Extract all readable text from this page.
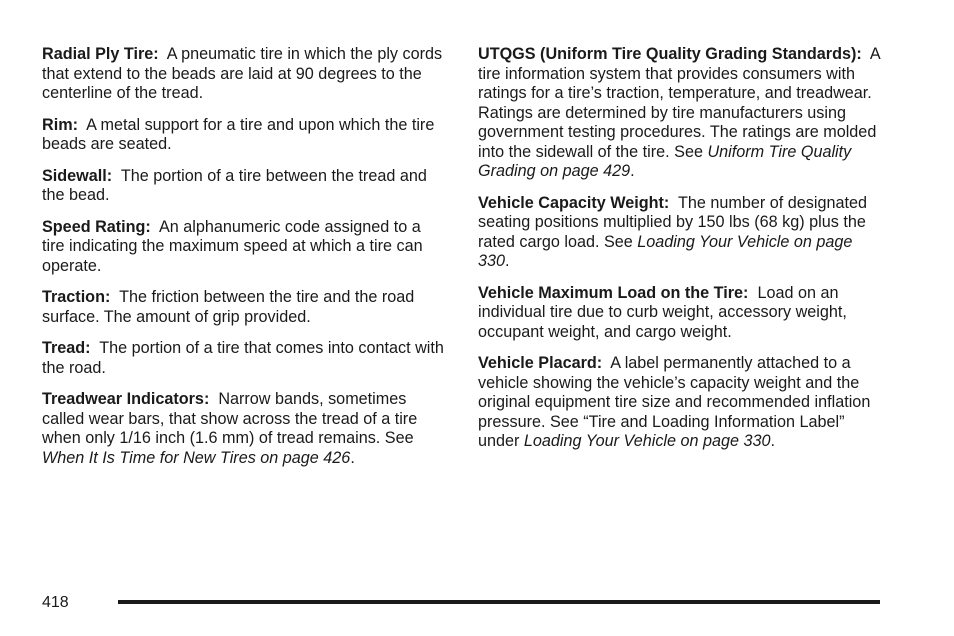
Radial Ply Tire: A pneumatic tire in which the ply cords that extend to the beads are laid at 90 degrees to the centerline of the tread.

Rim: A metal support for a tire and upon which the tire beads are seated.

Sidewall: The portion of a tire between the tread and the bead.

Speed Rating: An alphanumeric code assigned to a tire indicating the maximum speed at which a tire can operate.

Traction: The friction between the tire and the road surface. The amount of grip provided.

Tread: The portion of a tire that comes into contact with the road.

Treadwear Indicators: Narrow bands, sometimes called wear bars, that show across the tread of a tire when only 1/16 inch (1.6 mm) of tread remains. See When It Is Time for New Tires on page 426.

UTQGS (Uniform Tire Quality Grading Standards): A tire information system that provides consumers with ratings for a tire’s traction, temperature, and treadwear. Ratings are determined by tire manufacturers using government testing procedures. The ratings are molded into the sidewall of the tire. See Uniform Tire Quality Grading on page 429.

Vehicle Capacity Weight: The number of designated seating positions multiplied by 150 lbs (68 kg) plus the rated cargo load. See Loading Your Vehicle on page 330.

Vehicle Maximum Load on the Tire: Load on an individual tire due to curb weight, accessory weight, occupant weight, and cargo weight.

Vehicle Placard: A label permanently attached to a vehicle showing the vehicle’s capacity weight and the original equipment tire size and recommended inflation pressure. See “Tire and Loading Information Label” under Loading Your Vehicle on page 330.

418
